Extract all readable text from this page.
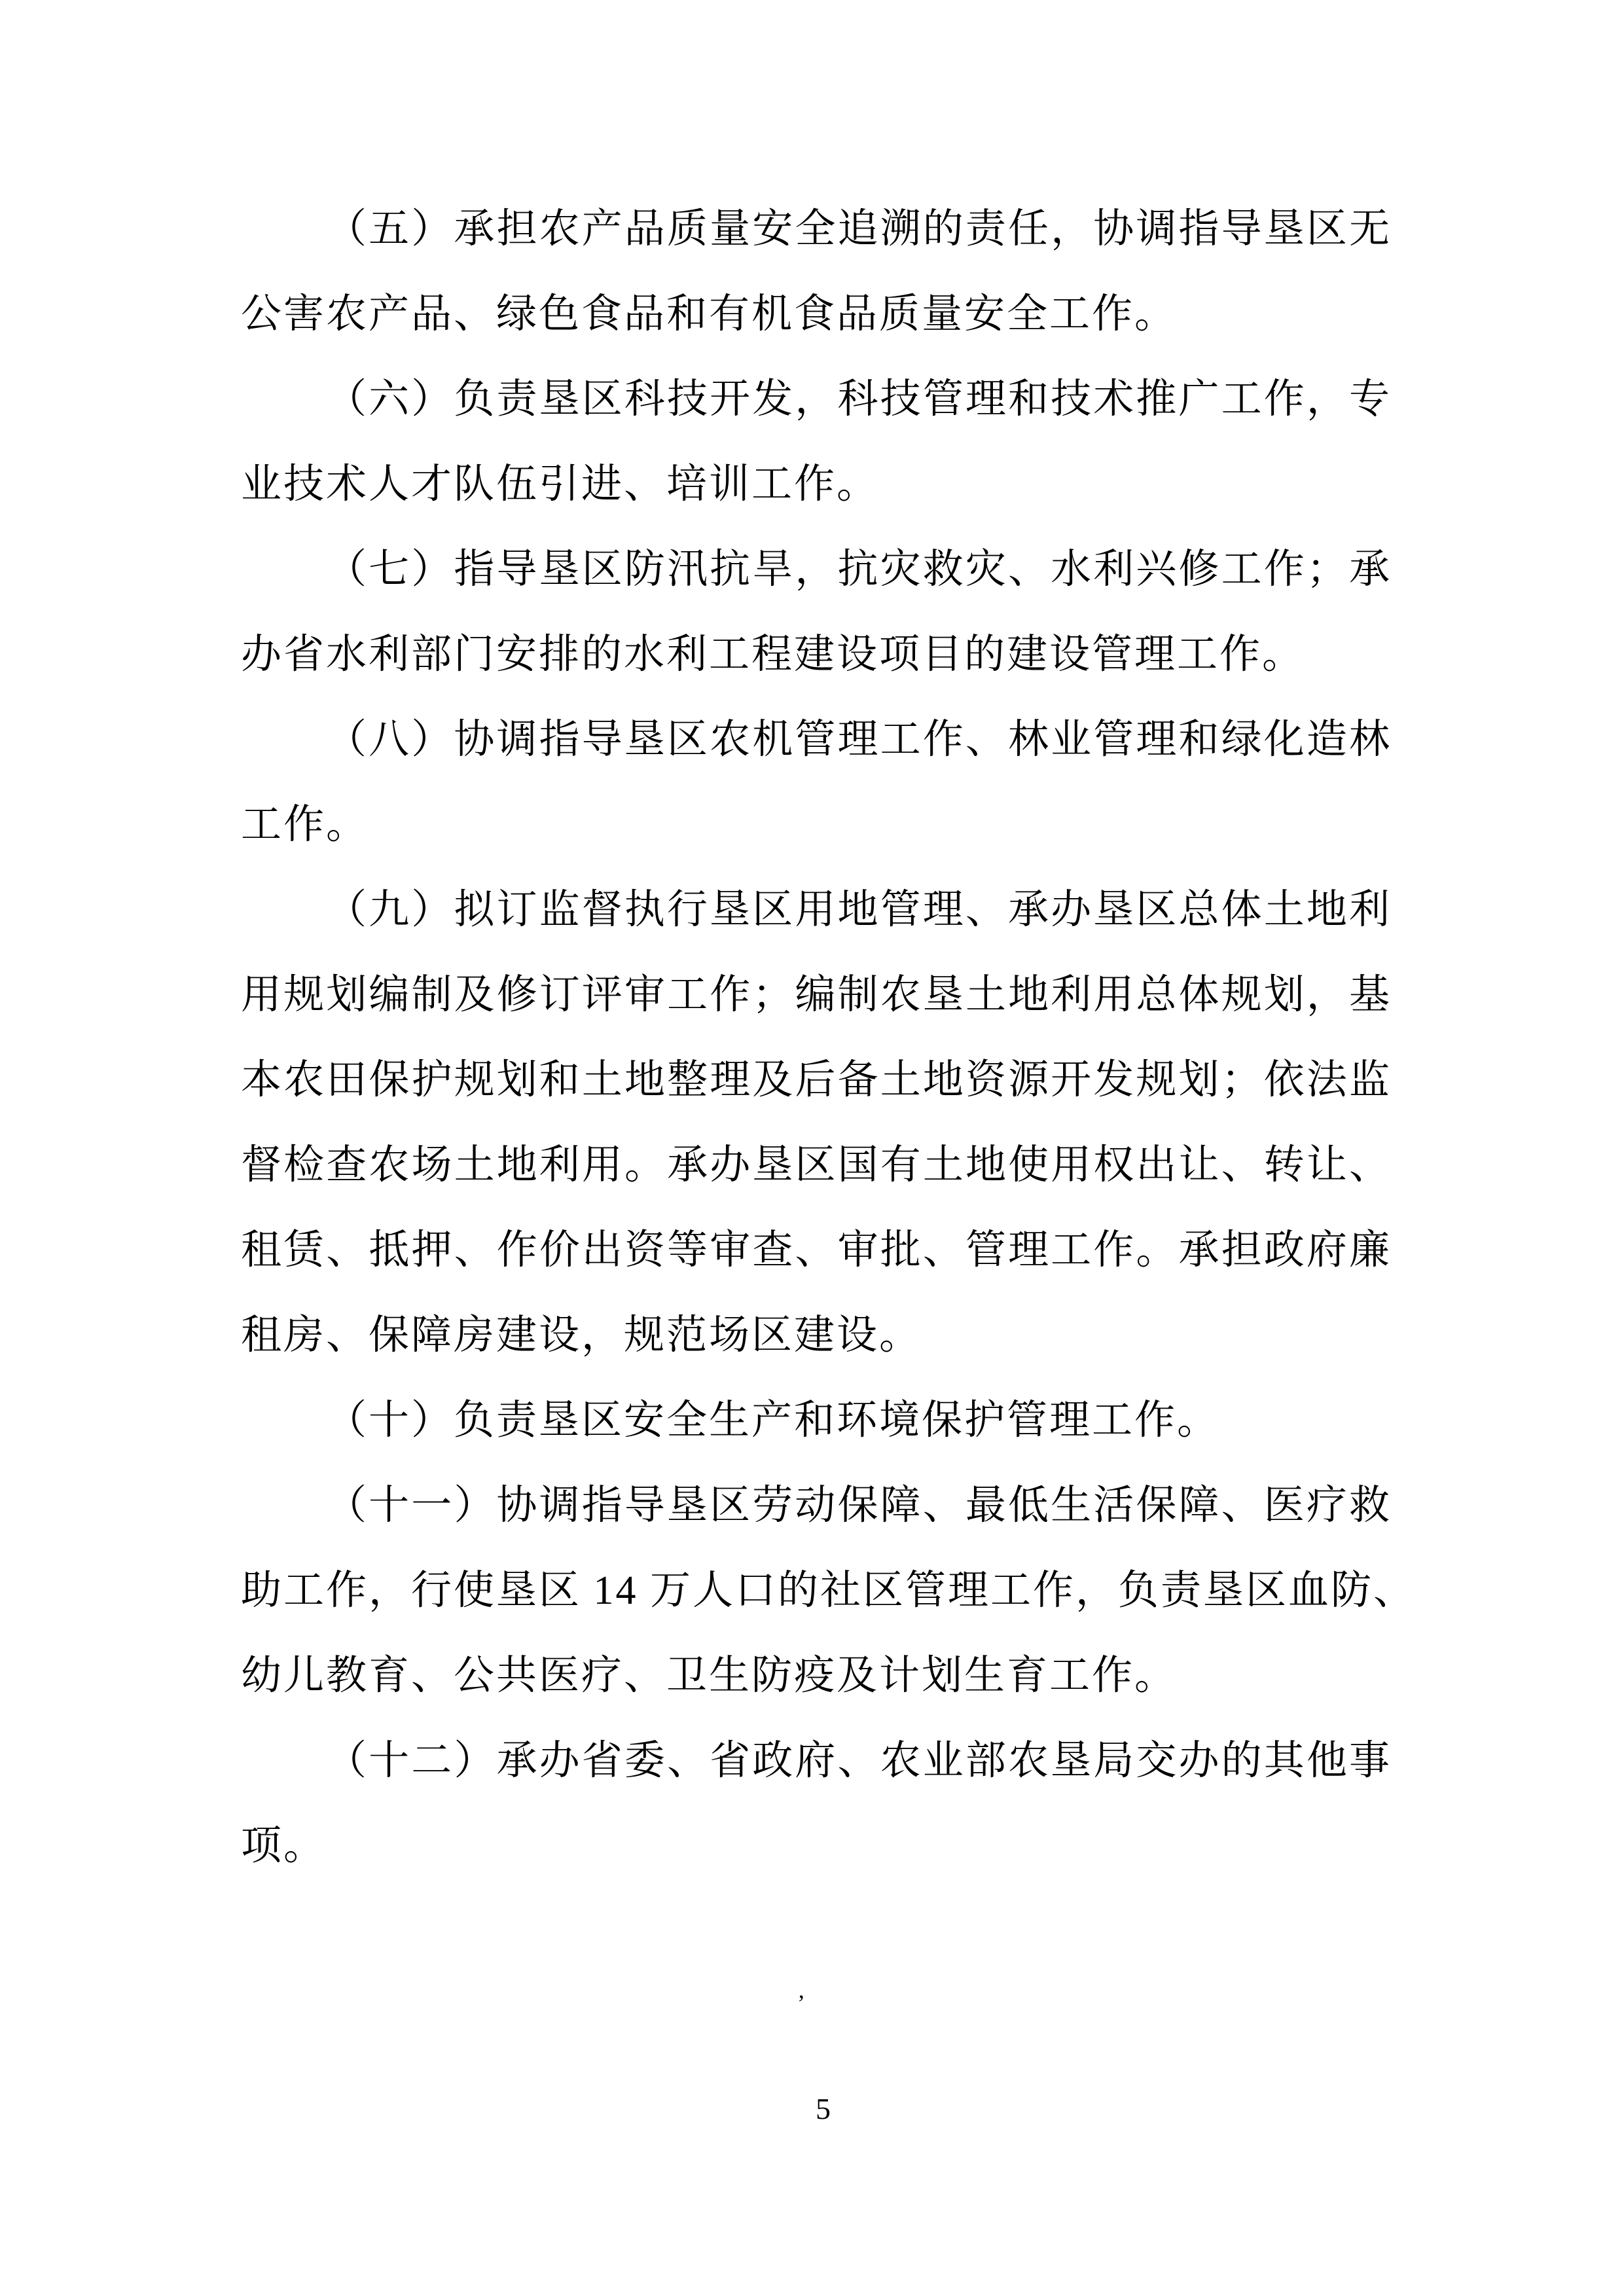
（五）承担农产品质量安全追溯的责任，协调指导垦区无
公害农产品、绿色食品和有机食品质量安全工作。
（六）负责垦区科技开发，科技管理和技术推广工作，专
业技术人才队伍引进、培训工作。
（七）指导垦区防汛抗旱，抗灾救灾、水利兴修工作；承
办省水利部门安排的水利工程建设项目的建设管理工作。
（八）协调指导垦区农机管理工作、林业管理和绿化造林
工作。
（九）拟订监督执行垦区用地管理、承办垦区总体土地利
用规划编制及修订评审工作；编制农垦土地利用总体规划，基
本农田保护规划和土地整理及后备土地资源开发规划；依法监
督检查农场土地利用。承办垦区国有土地使用权出让、转让、
租赁、抵押、作价出资等审查、审批、管理工作。承担政府廉
租房、保障房建设，规范场区建设。
（十）负责垦区安全生产和环境保护管理工作。
（十一）协调指导垦区劳动保障、最低生活保障、医疗救
助工作，行使垦区 14 万人口的社区管理工作，负责垦区血防、
幼儿教育、公共医疗、卫生防疫及计划生育工作。
（十二）承办省委、省政府、农业部农垦局交办的其他事
项。
’
5
